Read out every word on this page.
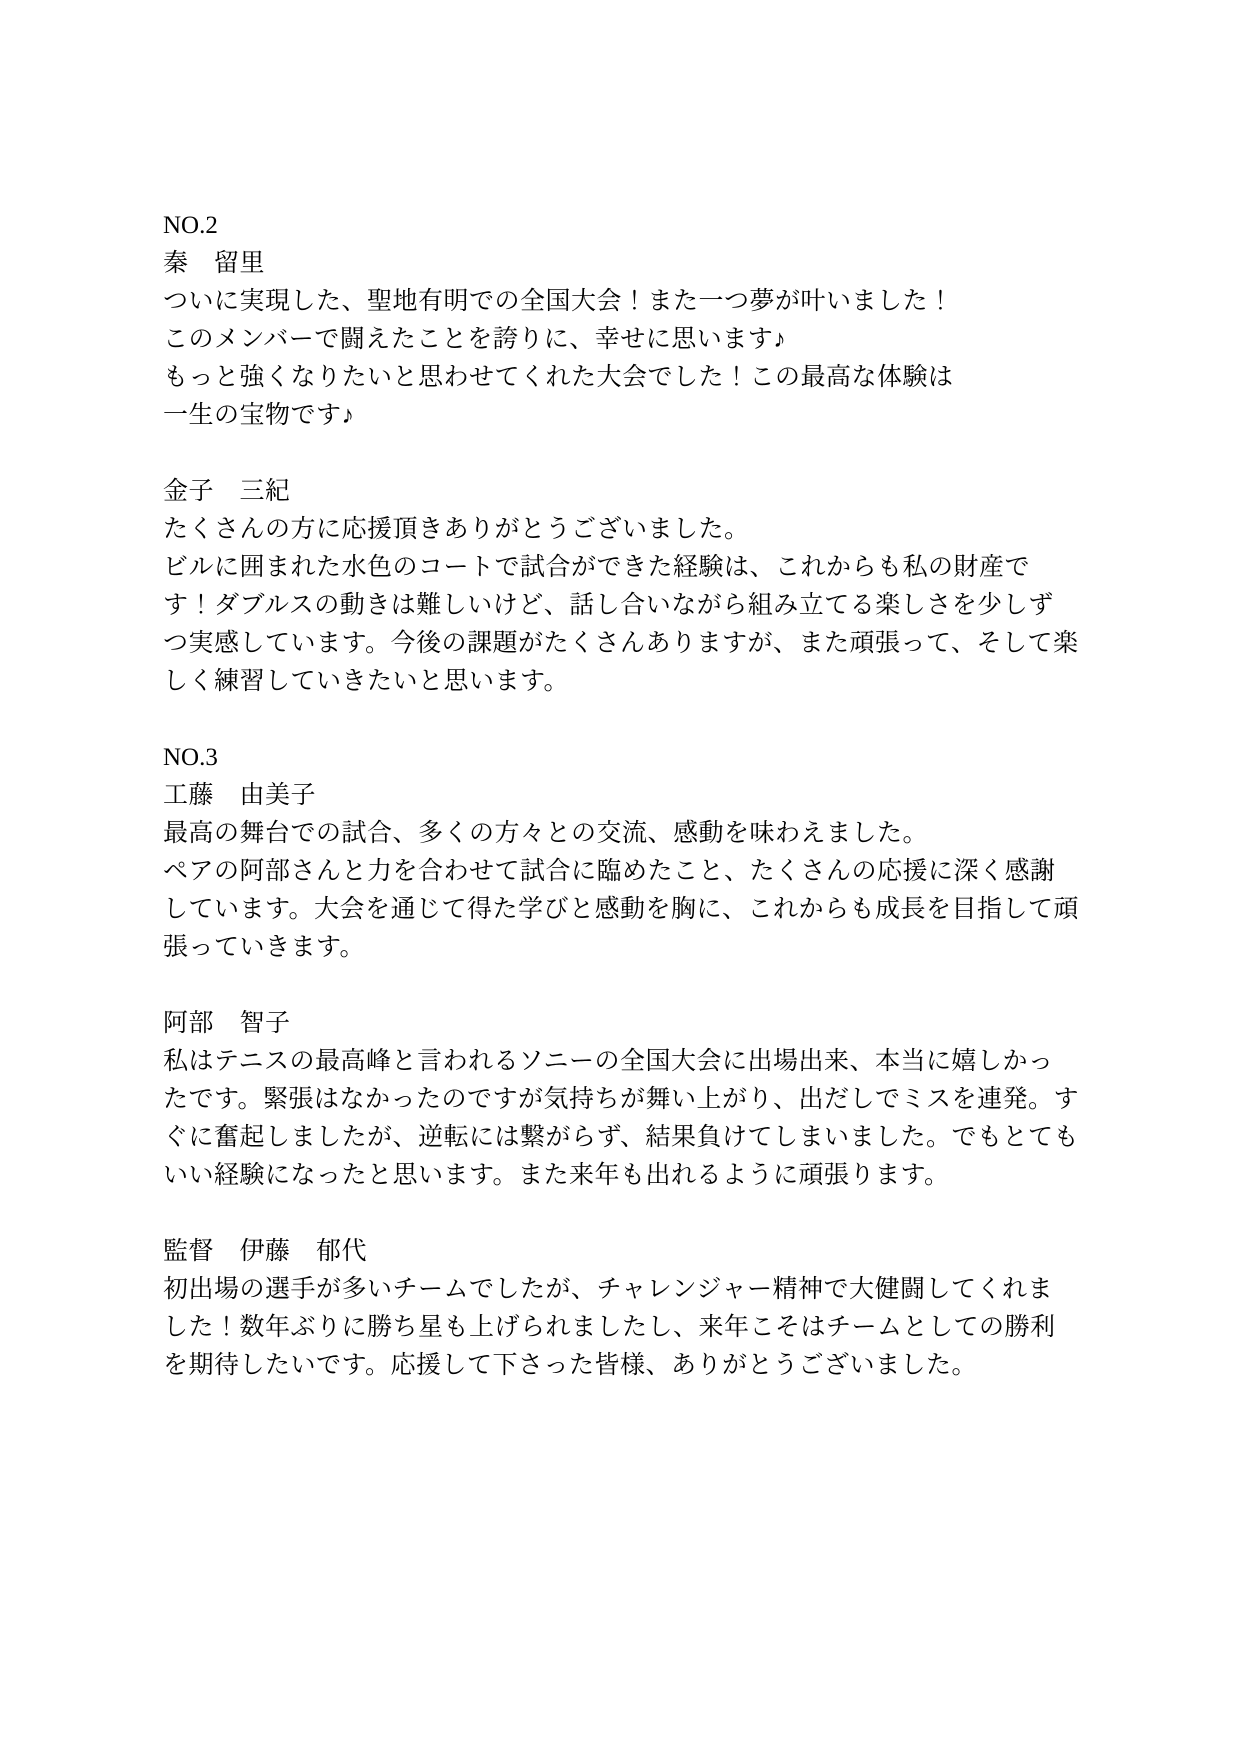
NO.2
秦　留里
ついに実現した、聖地有明での全国大会！また一つ夢が叶いました！
このメンバーで闘えたことを誇りに、幸せに思います♪
もっと強くなりたいと思わせてくれた大会でした！この最高な体験は
一生の宝物です♪
金子　三紀
たくさんの方に応援頂きありがとうございました。
ビルに囲まれた水色のコートで試合ができた経験は、これからも私の財産で
す！ダブルスの動きは難しいけど、話し合いながら組み立てる楽しさを少しず
つ実感しています。今後の課題がたくさんありますが、また頑張って、そして楽
しく練習していきたいと思います。
NO.3
工藤　由美子
最高の舞台での試合、多くの方々との交流、感動を味わえました。
ペアの阿部さんと力を合わせて試合に臨めたこと、たくさんの応援に深く感謝
しています。大会を通じて得た学びと感動を胸に、これからも成長を目指して頑
張っていきます。
阿部　智子
私はテニスの最高峰と言われるソニーの全国大会に出場出来、本当に嬉しかっ
たです。緊張はなかったのですが気持ちが舞い上がり、出だしでミスを連発。す
ぐに奮起しましたが、逆転には繋がらず、結果負けてしまいました。でもとても
いい経験になったと思います。また来年も出れるように頑張ります。
監督　伊藤　郁代
初出場の選手が多いチームでしたが、チャレンジャー精神で大健闘してくれま
した！数年ぶりに勝ち星も上げられましたし、来年こそはチームとしての勝利
を期待したいです。応援して下さった皆様、ありがとうございました。
